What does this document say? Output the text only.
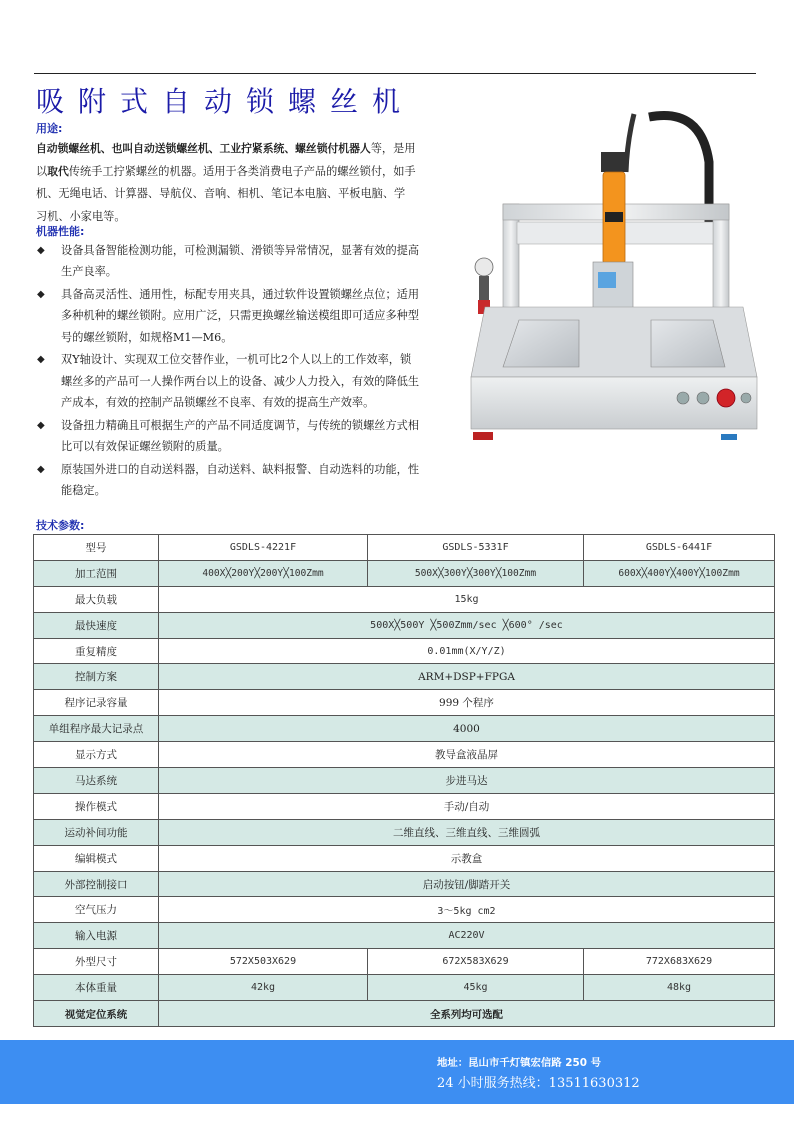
吸附式自动锁螺丝机
用途:

自动锁螺丝机、也叫自动送锁螺丝机、工业拧紧系统、螺丝锁付机器人等，是用以取代传统手工拧紧螺丝的机器。适用于各类消费电子产品的螺丝锁付，如手机、无绳电话、计算器、导航仪、音响、相机、笔记本电脑、平板电脑、学习机、小家电等。

机器性能:
◆ 设备具备智能检测功能，可检测漏锁、滑锁等异常情况，显著有效的提高生产良率。
◆ 具备高灵活性、通用性，标配专用夹具，通过软件设置锁螺丝点位；适用多种机种的螺丝锁附。应用广泛，只需更换螺丝输送模组即可适应多种型号的螺丝锁附，如规格M1—M6。
◆ 双Y轴设计、实现双工位交替作业，一机可比2个人以上的工作效率，锁螺丝多的产品可一人操作两台以上的设备、减少人力投入，有效的降低生产成本，有效的控制产品锁螺丝不良率、有效的提高生产效率。
◆ 设备扭力精确且可根据生产的产品不同适度调节，与传统的锁螺丝方式相比可以有效保证螺丝锁附的质量。
◆ 原装国外进口的自动送料器，自动送料、缺料报警、自动选料的功能，性能稳定。
技术参数:
型号	GSDLS-4221F	GSDLS-5331F	GSDLS-6441F
加工范围	400X╳200Y╳200Y╳100Zmm	500X╳300Y╳300Y╳100Zmm	600X╳400Y╳400Y╳100Zmm
最大负载	15kg		
最快速度	500X╳500Y ╳500Zmm/sec ╳600° /sec		
重复精度	0.01mm(X/Y/Z)		
控制方案	ARM+DSP+FPGA		
程序记录容量	999 个程序		
单组程序最大记录点	4000		
显示方式	教导盒液晶屏		
马达系统	步进马达		
操作模式	手动/自动		
运动补间功能	二维直线、三维直线、三维圆弧		
编辑模式	示教盒		
外部控制接口	启动按钮/脚踏开关		
空气压力	3～5kg cm2		
输入电源	AC220V		
外型尺寸	572X503X629	672X583X629	772X683X629
本体重量	42kg	45kg	48kg
视觉定位系统	全系列均可选配		
地址：昆山市千灯镇宏信路 250 号
24 小时服务热线：13511630312
